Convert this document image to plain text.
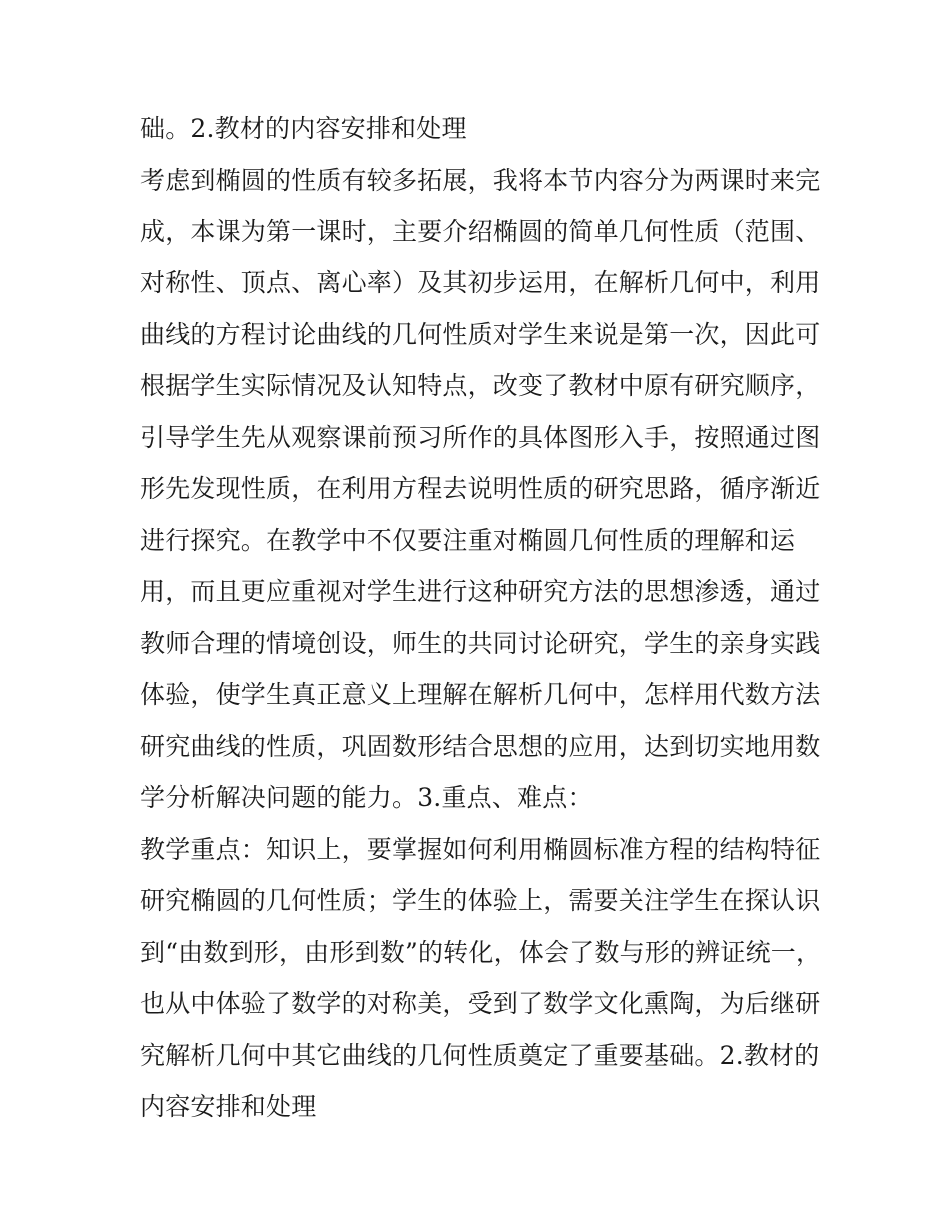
础。2.教材的内容安排和处理
考虑到椭圆的性质有较多拓展，我将本节内容分为两课时来完
成，本课为第一课时，主要介绍椭圆的简单几何性质（范围、
对称性、顶点、离心率）及其初步运用，在解析几何中，利用
曲线的方程讨论曲线的几何性质对学生来说是第一次，因此可
根据学生实际情况及认知特点，改变了教材中原有研究顺序，
引导学生先从观察课前预习所作的具体图形入手，按照通过图
形先发现性质，在利用方程去说明性质的研究思路，循序渐近
进行探究。在教学中不仅要注重对椭圆几何性质的理解和运
用，而且更应重视对学生进行这种研究方法的思想渗透，通过
教师合理的情境创设，师生的共同讨论研究，学生的亲身实践
体验，使学生真正意义上理解在解析几何中，怎样用代数方法
研究曲线的性质，巩固数形结合思想的应用，达到切实地用数
学分析解决问题的能力。3.重点、难点：
教学重点：知识上，要掌握如何利用椭圆标准方程的结构特征
研究椭圆的几何性质；学生的体验上，需要关注学生在探认识
到“由数到形，由形到数”的转化，体会了数与形的辨证统一，
也从中体验了数学的对称美，受到了数学文化熏陶，为后继研
究解析几何中其它曲线的几何性质奠定了重要基础。2.教材的
内容安排和处理
